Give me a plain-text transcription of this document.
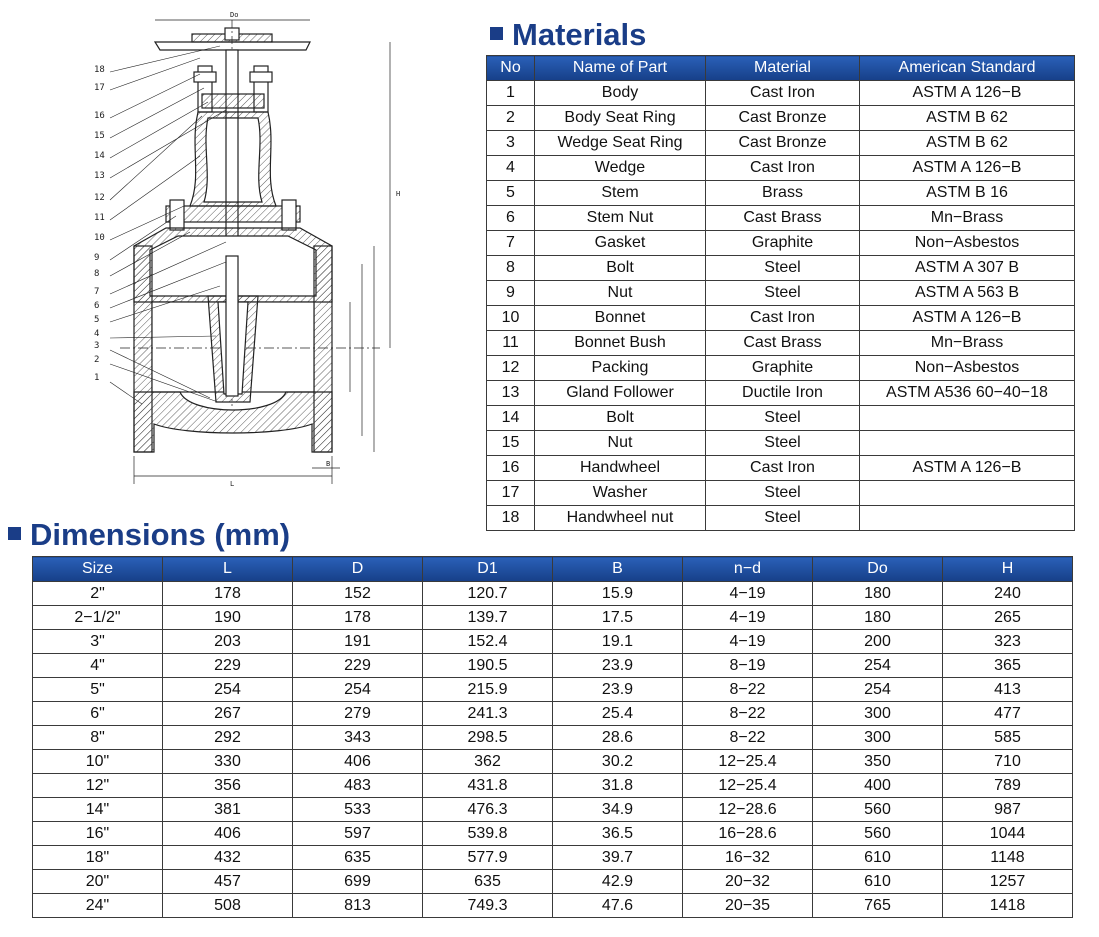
18
17
16
15
14
13
12
11
10
9
8
7
6
5
4
3
2
1
Do
L
H
B
Materials
No	Name of Part	Material	American Standard
1	Body	Cast Iron	ASTM A 126−B
2	Body Seat Ring	Cast Bronze	ASTM B 62
3	Wedge Seat Ring	Cast Bronze	ASTM B 62
4	Wedge	Cast Iron	ASTM A 126−B
5	Stem	Brass	ASTM B 16
6	Stem Nut	Cast Brass	Mn−Brass
7	Gasket	Graphite	Non−Asbestos
8	Bolt	Steel	ASTM A 307 B
9	Nut	Steel	ASTM A 563 B
10	Bonnet	Cast Iron	ASTM A 126−B
11	Bonnet Bush	Cast Brass	Mn−Brass
12	Packing	Graphite	Non−Asbestos
13	Gland Follower	Ductile Iron	ASTM A536 60−40−18
14	Bolt	Steel	
15	Nut	Steel	
16	Handwheel	Cast Iron	ASTM A 126−B
17	Washer	Steel	
18	Handwheel nut	Steel	
Dimensions (mm)
Size	L	D	D1	B	n−d	Do	H
2"	178	152	120.7	15.9	4−19	180	240
2−1/2"	190	178	139.7	17.5	4−19	180	265
3"	203	191	152.4	19.1	4−19	200	323
4"	229	229	190.5	23.9	8−19	254	365
5"	254	254	215.9	23.9	8−22	254	413
6"	267	279	241.3	25.4	8−22	300	477
8"	292	343	298.5	28.6	8−22	300	585
10"	330	406	362	30.2	12−25.4	350	710
12"	356	483	431.8	31.8	12−25.4	400	789
14"	381	533	476.3	34.9	12−28.6	560	987
16"	406	597	539.8	36.5	16−28.6	560	1044
18"	432	635	577.9	39.7	16−32	610	1148
20"	457	699	635	42.9	20−32	610	1257
24"	508	813	749.3	47.6	20−35	765	1418
